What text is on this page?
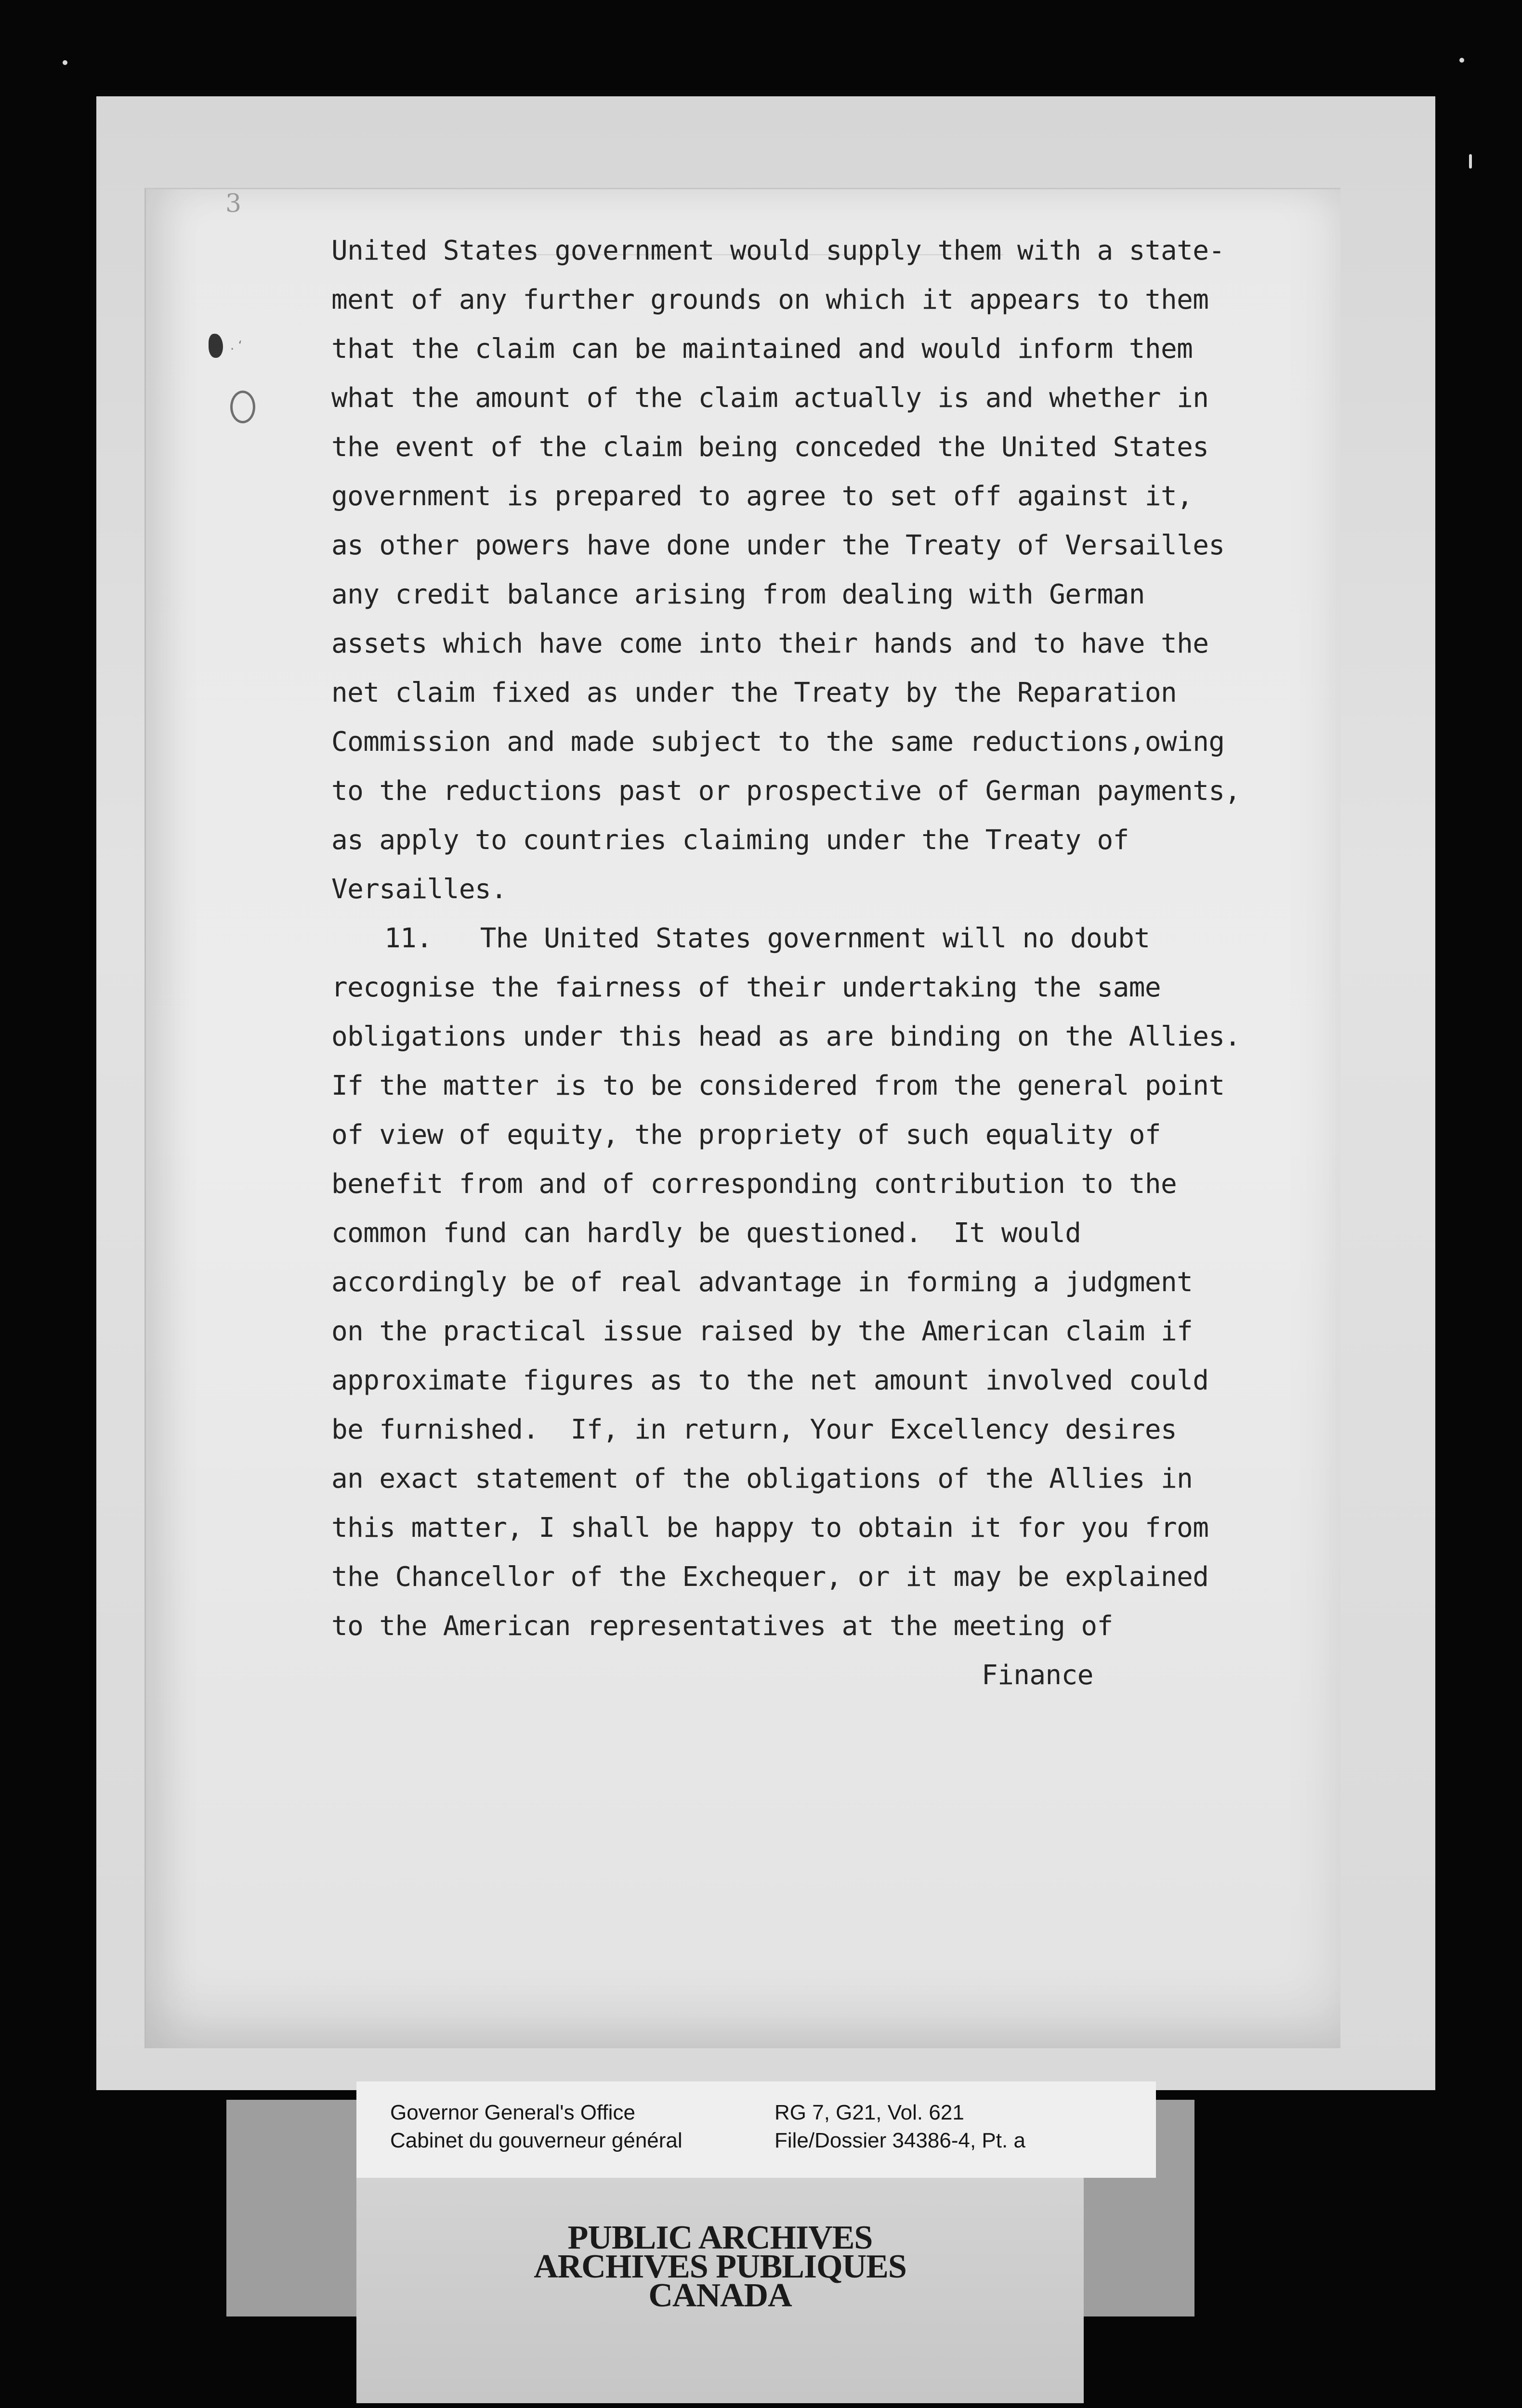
3
. ‘
United States government would supply them with a state-
ment of any further grounds on which it appears to them
that the claim can be maintained and would inform them
what the amount of the claim actually is and whether in
the event of the claim being conceded the United States
government is prepared to agree to set off against it,
as other powers have done under the Treaty of Versailles
any credit balance arising from dealing with German
assets which have come into their hands and to have the
net claim fixed as under the Treaty by the Reparation
Commission and made subject to the same reductions,owing
to the reductions past or prospective of German payments,
as apply to countries claiming under the Treaty of
Versailles.
11.   The United States government will no doubt
recognise the fairness of their undertaking the same
obligations under this head as are binding on the Allies.
If the matter is to be considered from the general point
of view of equity, the propriety of such equality of
benefit from and of corresponding contribution to the
common fund can hardly be questioned.  It would
accordingly be of real advantage in forming a judgment
on the practical issue raised by the American claim if
approximate figures as to the net amount involved could
be furnished.  If, in return, Your Excellency desires
an exact statement of the obligations of the Allies in
this matter, I shall be happy to obtain it for you from
the Chancellor of the Exchequer, or it may be explained
to the American representatives at the meeting of
Finance
Governor General's Office
Cabinet du gouverneur général
RG 7, G21, Vol. 621
File/Dossier 34386-4, Pt. a
PUBLIC ARCHIVES
ARCHIVES PUBLIQUES
CANADA
